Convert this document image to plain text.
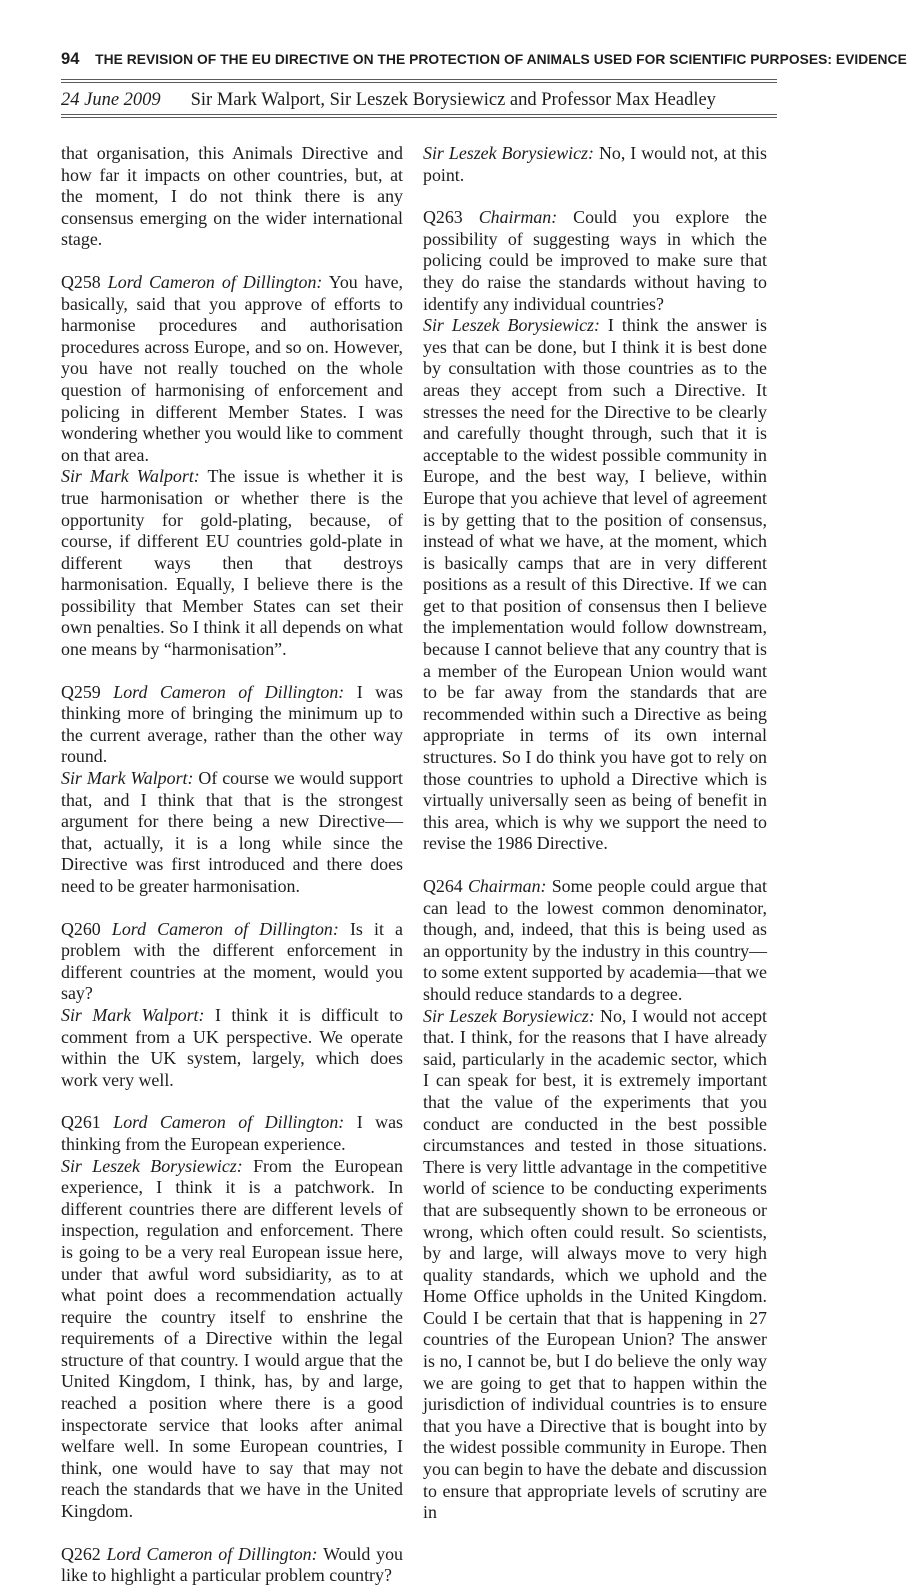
94 THE REVISION OF THE EU DIRECTIVE ON THE PROTECTION OF ANIMALS USED FOR SCIENTIFIC PURPOSES: EVIDENCE
24 June 2009 Sir Mark Walport, Sir Leszek Borysiewicz and Professor Max Headley

that organisation, this Animals Directive and how far it impacts on other countries, but, at the moment, I do not think there is any consensus emerging on the wider international stage.

Q258 Lord Cameron of Dillington: You have, basically, said that you approve of efforts to harmonise procedures and authorisation procedures across Europe, and so on. However, you have not really touched on the whole question of harmonising of enforcement and policing in different Member States. I was wondering whether you would like to comment on that area.

Sir Mark Walport: The issue is whether it is true harmonisation or whether there is the opportunity for gold-plating, because, of course, if different EU countries gold-plate in different ways then that destroys harmonisation. Equally, I believe there is the possibility that Member States can set their own penalties. So I think it all depends on what one means by “harmonisation”.

Q259 Lord Cameron of Dillington: I was thinking more of bringing the minimum up to the current average, rather than the other way round.

Sir Mark Walport: Of course we would support that, and I think that that is the strongest argument for there being a new Directive—that, actually, it is a long while since the Directive was first introduced and there does need to be greater harmonisation.

Q260 Lord Cameron of Dillington: Is it a problem with the different enforcement in different countries at the moment, would you say?

Sir Mark Walport: I think it is difficult to comment from a UK perspective. We operate within the UK system, largely, which does work very well.

Q261 Lord Cameron of Dillington: I was thinking from the European experience.

Sir Leszek Borysiewicz: From the European experience, I think it is a patchwork. In different countries there are different levels of inspection, regulation and enforcement. There is going to be a very real European issue here, under that awful word subsidiarity, as to at what point does a recommendation actually require the country itself to enshrine the requirements of a Directive within the legal structure of that country. I would argue that the United Kingdom, I think, has, by and large, reached a position where there is a good inspectorate service that looks after animal welfare well. In some European countries, I think, one would have to say that may not reach the standards that we have in the United Kingdom.

Q262 Lord Cameron of Dillington: Would you like to highlight a particular problem country?

Sir Leszek Borysiewicz: No, I would not, at this point.

Q263 Chairman: Could you explore the possibility of suggesting ways in which the policing could be improved to make sure that they do raise the standards without having to identify any individual countries?

Sir Leszek Borysiewicz: I think the answer is yes that can be done, but I think it is best done by consultation with those countries as to the areas they accept from such a Directive. It stresses the need for the Directive to be clearly and carefully thought through, such that it is acceptable to the widest possible community in Europe, and the best way, I believe, within Europe that you achieve that level of agreement is by getting that to the position of consensus, instead of what we have, at the moment, which is basically camps that are in very different positions as a result of this Directive. If we can get to that position of consensus then I believe the implementation would follow downstream, because I cannot believe that any country that is a member of the European Union would want to be far away from the standards that are recommended within such a Directive as being appropriate in terms of its own internal structures. So I do think you have got to rely on those countries to uphold a Directive which is virtually universally seen as being of benefit in this area, which is why we support the need to revise the 1986 Directive.

Q264 Chairman: Some people could argue that can lead to the lowest common denominator, though, and, indeed, that this is being used as an opportunity by the industry in this country—to some extent supported by academia—that we should reduce standards to a degree.

Sir Leszek Borysiewicz: No, I would not accept that. I think, for the reasons that I have already said, particularly in the academic sector, which I can speak for best, it is extremely important that the value of the experiments that you conduct are conducted in the best possible circumstances and tested in those situations. There is very little advantage in the competitive world of science to be conducting experiments that are subsequently shown to be erroneous or wrong, which often could result. So scientists, by and large, will always move to very high quality standards, which we uphold and the Home Office upholds in the United Kingdom. Could I be certain that that is happening in 27 countries of the European Union? The answer is no, I cannot be, but I do believe the only way we are going to get that to happen within the jurisdiction of individual countries is to ensure that you have a Directive that is bought into by the widest possible community in Europe. Then you can begin to have the debate and discussion to ensure that appropriate levels of scrutiny are in
